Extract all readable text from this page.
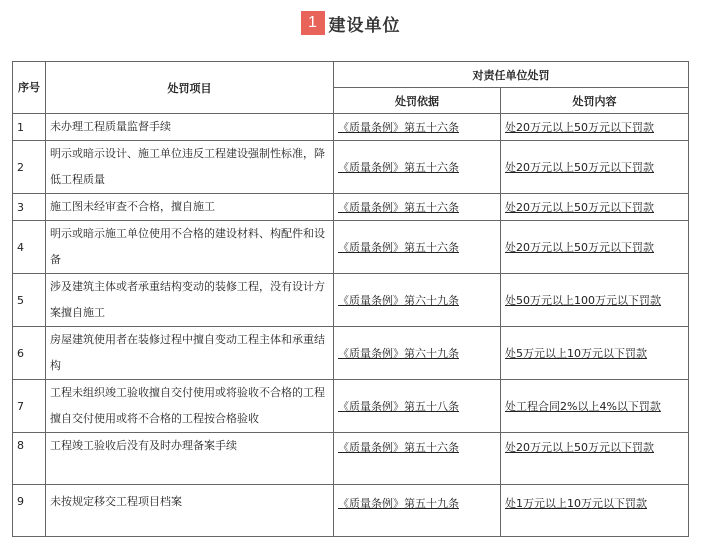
1 建设单位
序号	处罚项目	对责任单位处罚	
		处罚依据	处罚内容
1	未办理工程质量监督手续	《质量条例》第五十六条	处20万元以上50万元以下罚款
2	明示或暗示设计、施工单位违反工程建设强制性标准，降低工程质量	《质量条例》第五十六条	处20万元以上50万元以下罚款
3	施工图未经审查不合格，擅自施工	《质量条例》第五十六条	处20万元以上50万元以下罚款
4	明示或暗示施工单位使用不合格的建设材料、构配件和设备	《质量条例》第五十六条	处20万元以上50万元以下罚款
5	涉及建筑主体或者承重结构变动的装修工程，没有设计方案擅自施工	《质量条例》第六十九条	处50万元以上100万元以下罚款
6	房屋建筑使用者在装修过程中擅自变动工程主体和承重结构	《质量条例》第六十九条	处5万元以上10万元以下罚款
7	工程未组织竣工验收擅自交付使用或将验收不合格的工程擅自交付使用或将不合格的工程按合格验收	《质量条例》第五十八条	处工程合同2%以上4%以下罚款
8	工程竣工验收后没有及时办理备案手续	《质量条例》第五十六条	处20万元以上50万元以下罚款
9	未按规定移交工程项目档案	《质量条例》第五十九条	处1万元以上10万元以下罚款
